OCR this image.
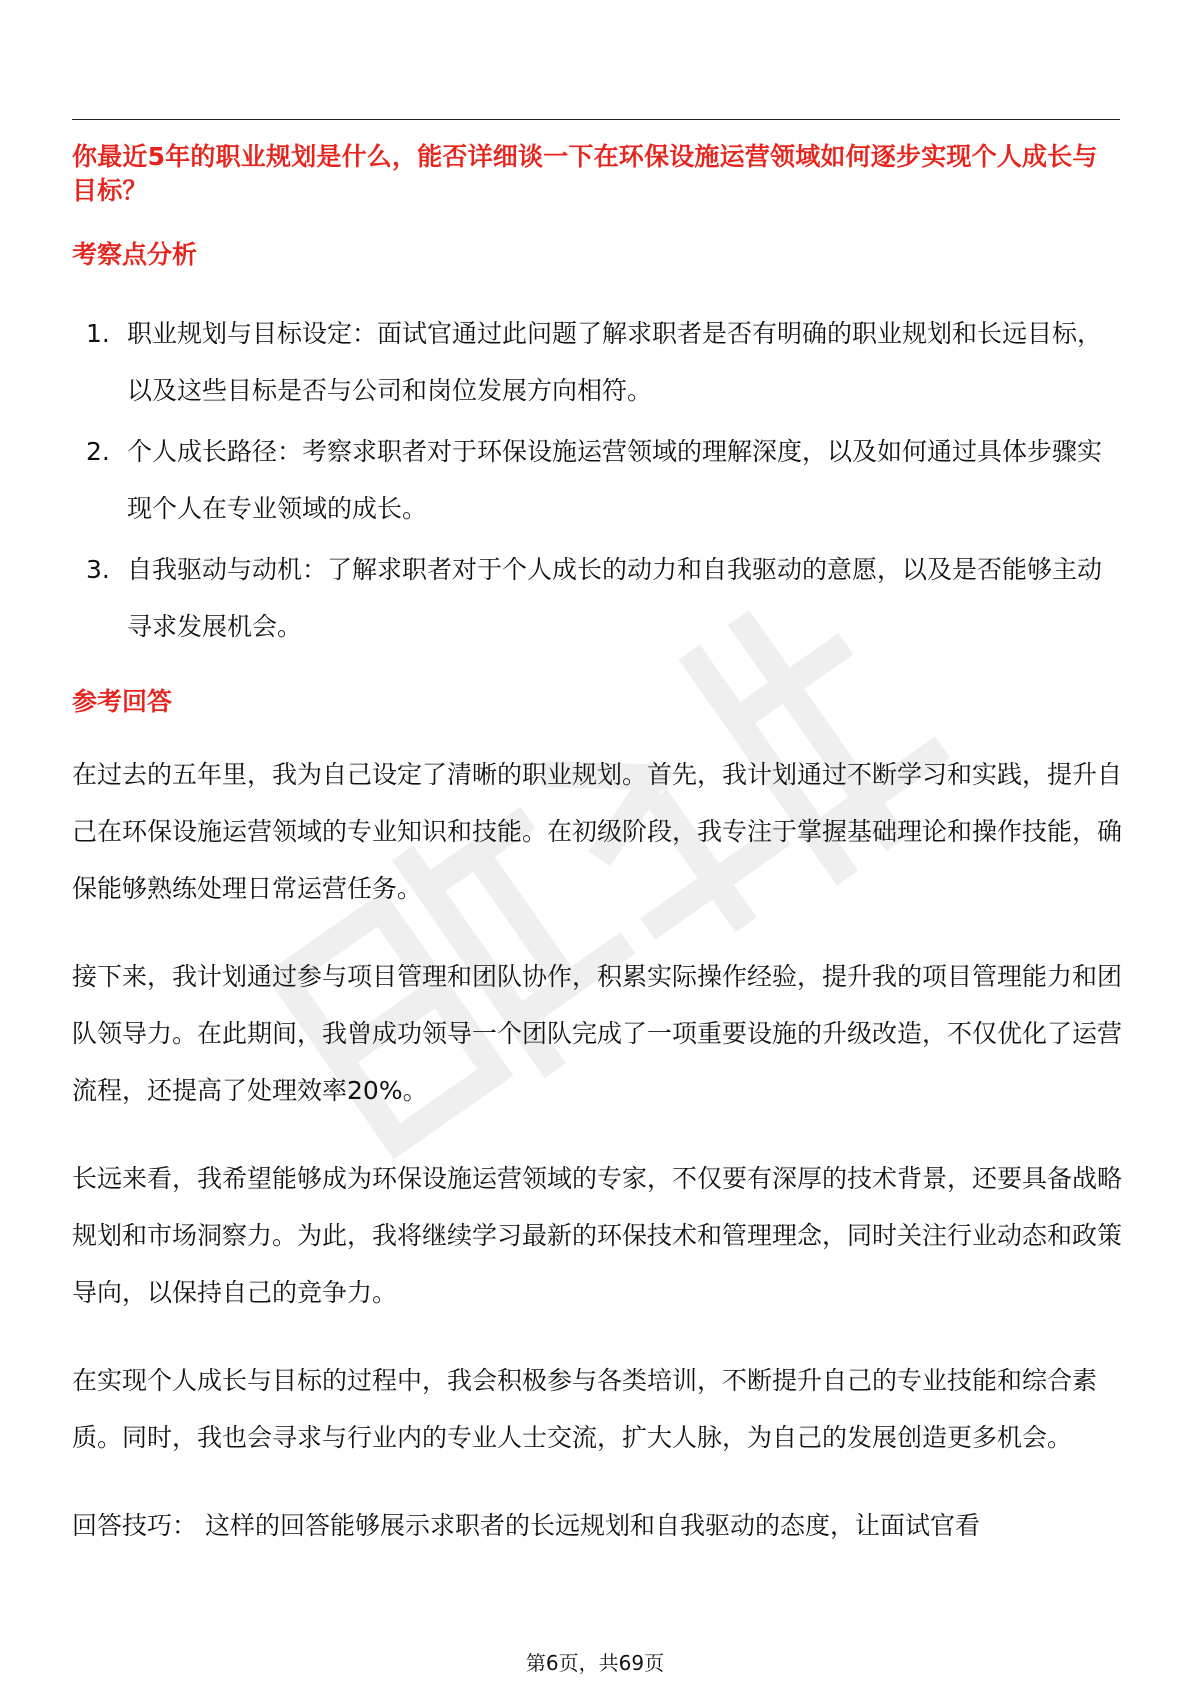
你最近5年的职业规划是什么，能否详细谈一下在环保设施运营领域如何逐步实现个人成长与目标？
考察点分析
1. 职业规划与目标设定：面试官通过此问题了解求职者是否有明确的职业规划和长远目标，以及这些目标是否与公司和岗位发展方向相符。
2. 个人成长路径：考察求职者对于环保设施运营领域的理解深度，以及如何通过具体步骤实现个人在专业领域的成长。
3. 自我驱动与动机：了解求职者对于个人成长的动力和自我驱动的意愿，以及是否能够主动寻求发展机会。
参考回答

在过去的五年里，我为自己设定了清晰的职业规划。首先，我计划通过不断学习和实践，提升自己在环保设施运营领域的专业知识和技能。在初级阶段，我专注于掌握基础理论和操作技能，确保能够熟练处理日常运营任务。

接下来，我计划通过参与项目管理和团队协作，积累实际操作经验，提升我的项目管理能力和团队领导力。在此期间，我曾成功领导一个团队完成了一项重要设施的升级改造，不仅优化了运营流程，还提高了处理效率20%。

长远来看，我希望能够成为环保设施运营领域的专家，不仅要有深厚的技术背景，还要具备战略规划和市场洞察力。为此，我将继续学习最新的环保技术和管理理念，同时关注行业动态和政策导向，以保持自己的竞争力。

在实现个人成长与目标的过程中，我会积极参与各类培训，不断提升自己的专业技能和综合素质。同时，我也会寻求与行业内的专业人士交流，扩大人脉，为自己的发展创造更多机会。

回答技巧： 这样的回答能够展示求职者的长远规划和自我驱动的态度，让面试官看

第6页，共69页
